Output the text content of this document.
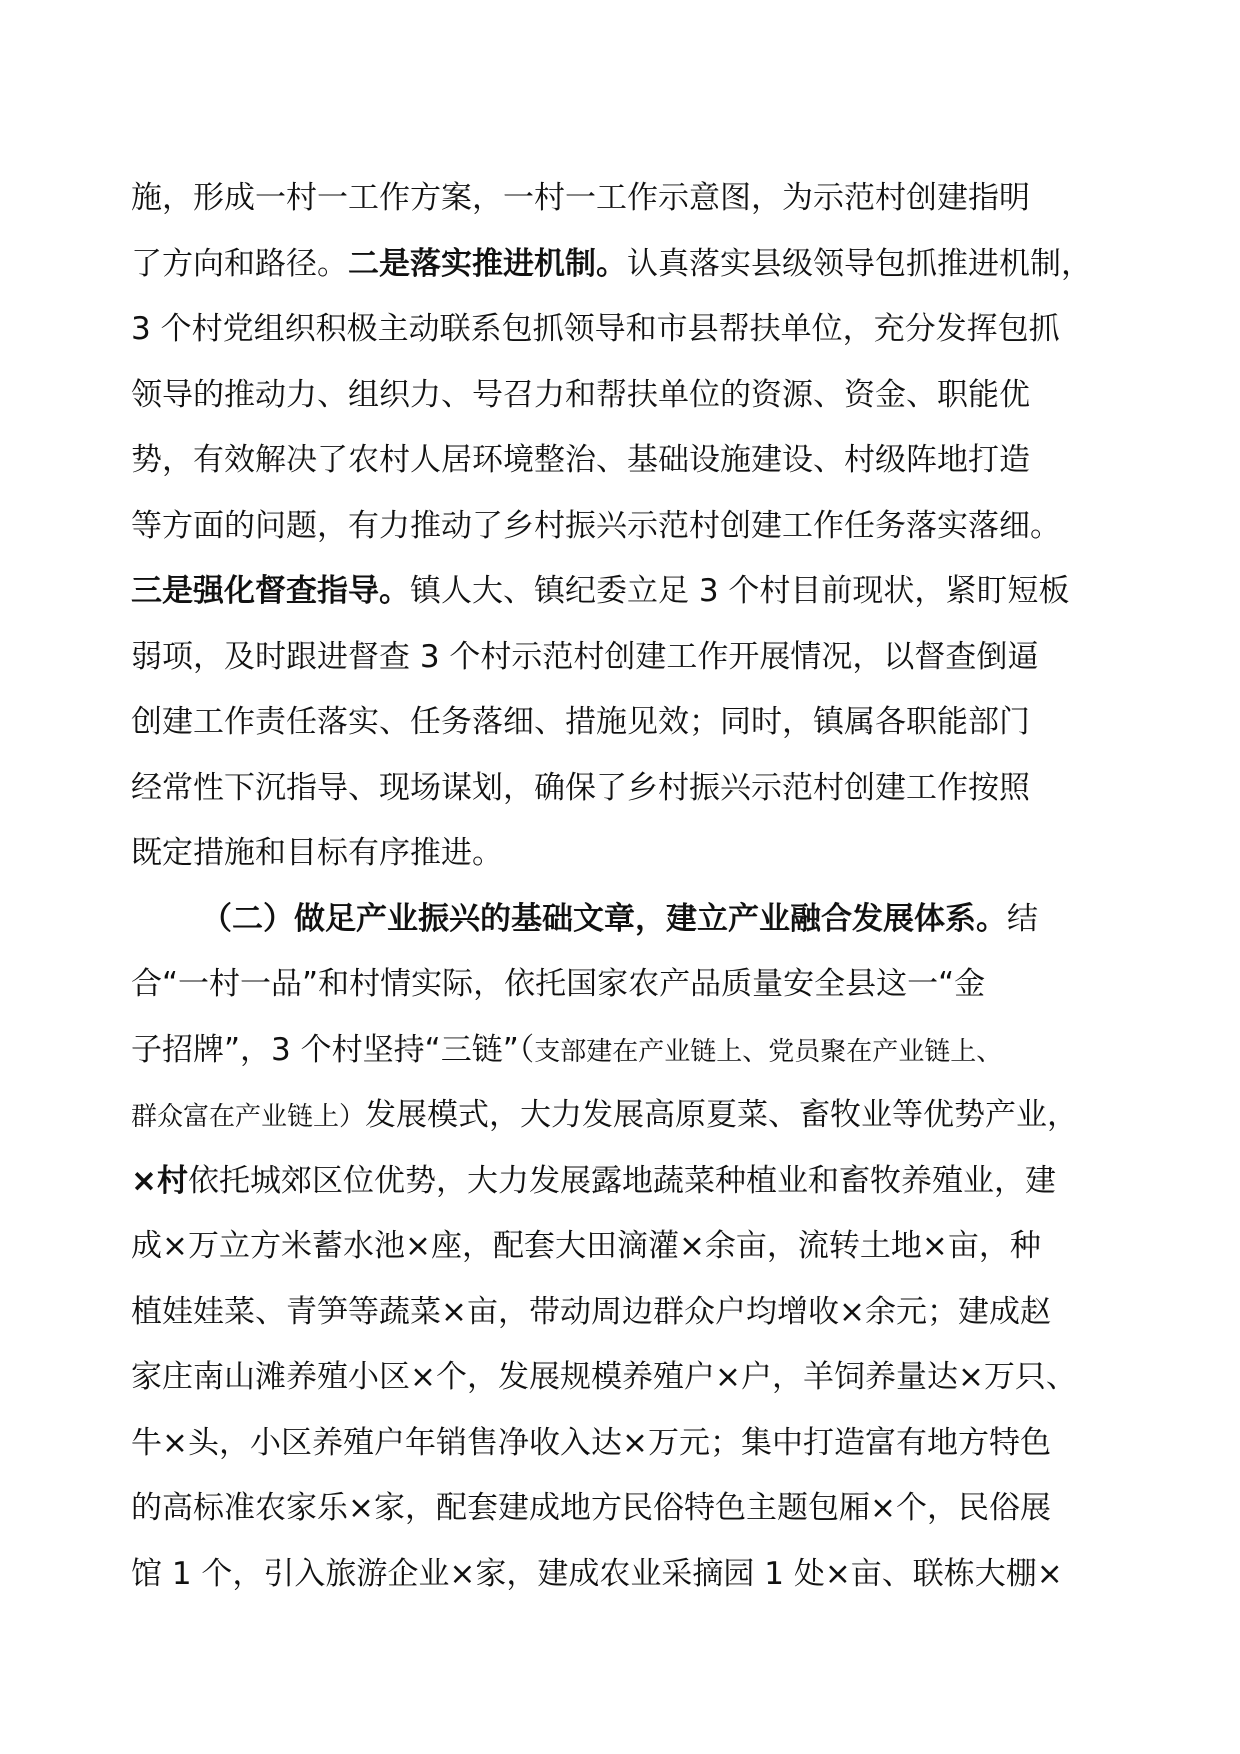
施，形成一村一工作方案，一村一工作示意图，为示范村创建指明
了方向和路径。二是落实推进机制。认真落实县级领导包抓推进机制，
3 个村党组织积极主动联系包抓领导和市县帮扶单位，充分发挥包抓
领导的推动力、组织力、号召力和帮扶单位的资源、资金、职能优
势，有效解决了农村人居环境整治、基础设施建设、村级阵地打造
等方面的问题，有力推动了乡村振兴示范村创建工作任务落实落细。
三是强化督查指导。镇人大、镇纪委立足 3 个村目前现状，紧盯短板
弱项，及时跟进督查 3 个村示范村创建工作开展情况，以督查倒逼
创建工作责任落实、任务落细、措施见效；同时，镇属各职能部门
经常性下沉指导、现场谋划，确保了乡村振兴示范村创建工作按照
既定措施和目标有序推进。
（二）做足产业振兴的基础文章，建立产业融合发展体系。结
合“一村一品”和村情实际，依托国家农产品质量安全县这一“金
子招牌”，3 个村坚持“三链”（支部建在产业链上、党员聚在产业链上、
群众富在产业链上）发展模式，大力发展高原夏菜、畜牧业等优势产业，
×村依托城郊区位优势，大力发展露地蔬菜种植业和畜牧养殖业，建
成×万立方米蓄水池×座，配套大田滴灌×余亩，流转土地×亩，种
植娃娃菜、青笋等蔬菜×亩，带动周边群众户均增收×余元；建成赵
家庄南山滩养殖小区×个，发展规模养殖户×户，羊饲养量达×万只、
牛×头，小区养殖户年销售净收入达×万元；集中打造富有地方特色
的高标准农家乐×家，配套建成地方民俗特色主题包厢×个，民俗展
馆 1 个，引入旅游企业×家，建成农业采摘园 1 处×亩、联栋大棚×
